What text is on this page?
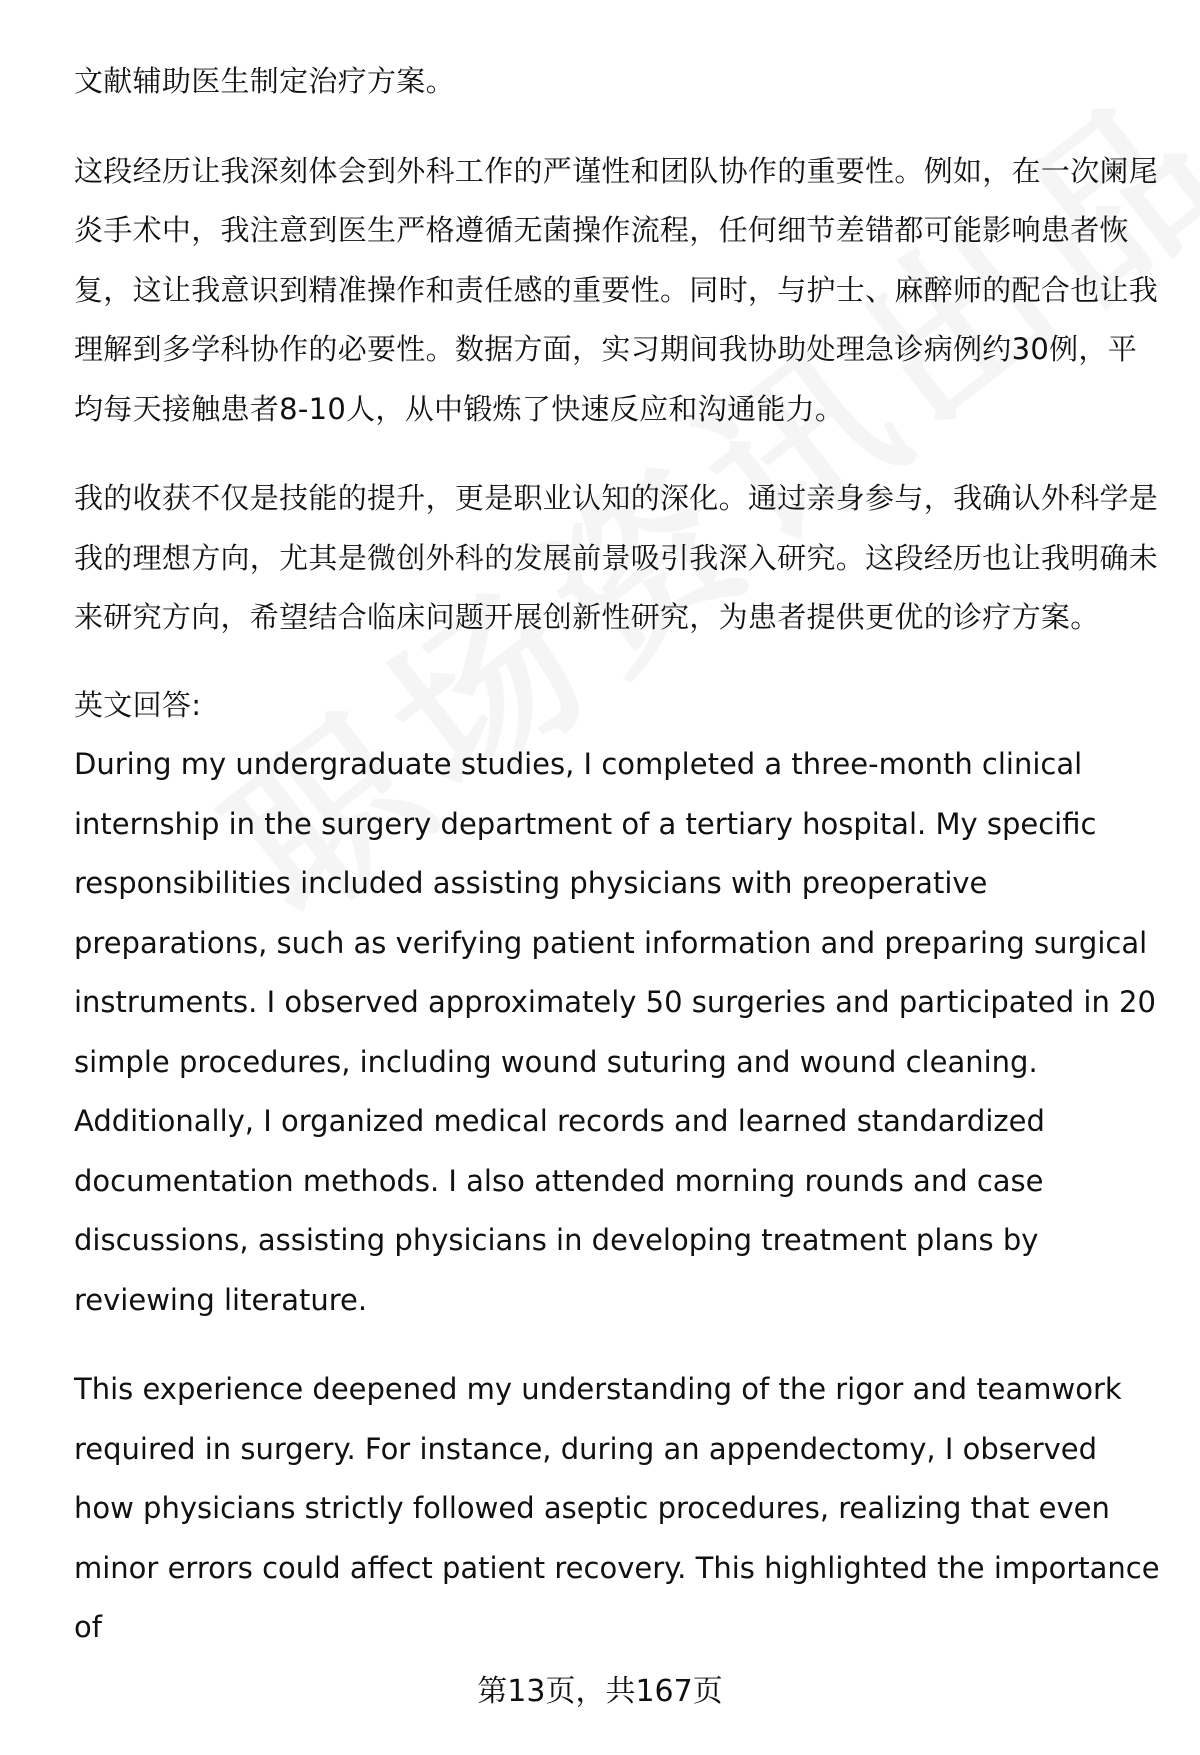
文献辅助医生制定治疗方案。

这段经历让我深刻体会到外科工作的严谨性和团队协作的重要性。例如，在一次阑尾炎手术中，我注意到医生严格遵循无菌操作流程，任何细节差错都可能影响患者恢复，这让我意识到精准操作和责任感的重要性。同时，与护士、麻醉师的配合也让我理解到多学科协作的必要性。数据方面，实习期间我协助处理急诊病例约30例，平均每天接触患者8-10人，从中锻炼了快速反应和沟通能力。

我的收获不仅是技能的提升，更是职业认知的深化。通过亲身参与，我确认外科学是我的理想方向，尤其是微创外科的发展前景吸引我深入研究。这段经历也让我明确未来研究方向，希望结合临床问题开展创新性研究，为患者提供更优的诊疗方案。

英文回答:

During my undergraduate studies, I completed a three-month clinical internship in the surgery department of a tertiary hospital. My specific responsibilities included assisting physicians with preoperative preparations, such as verifying patient information and preparing surgical instruments. I observed approximately 50 surgeries and participated in 20 simple procedures, including wound suturing and wound cleaning. Additionally, I organized medical records and learned standardized documentation methods. I also attended morning rounds and case discussions, assisting physicians in developing treatment plans by reviewing literature.

This experience deepened my understanding of the rigor and teamwork required in surgery. For instance, during an appendectomy, I observed how physicians strictly followed aseptic procedures, realizing that even minor errors could affect patient recovery. This highlighted the importance of

第13页，共167页
